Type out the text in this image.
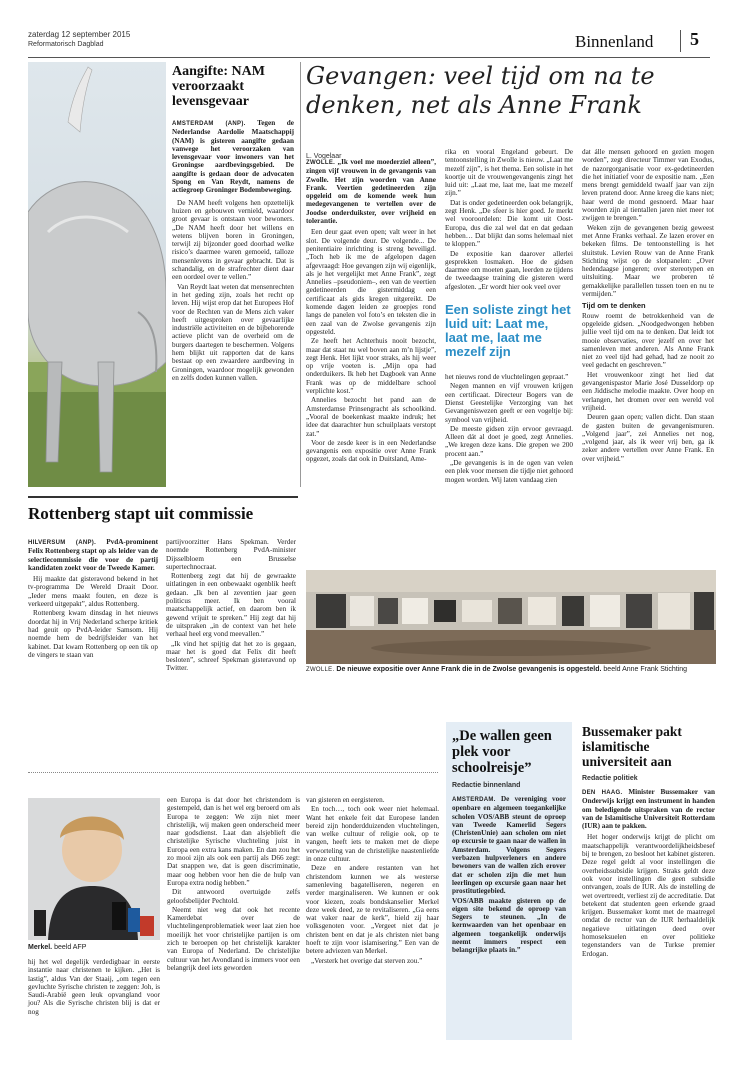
zaterdag 12 september 2015
Reformatorisch Dagblad	Binnenland 5
Aangifte: NAM veroorzaakt levensgevaar

AMSTERDAM (ANP). Tegen de Nederlandse Aardolie Maatschappij (NAM) is gisteren aangifte gedaan vanwege het veroorzaken van levensgevaar voor inwoners van het Groningse aardbevingsgebied. De aangifte is gedaan door de advocaten Spong en Van Reydt, namens de actiegroep Groninger Bodembeweging.

De NAM heeft volgens hen opzettelijk huizen en gebouwen vernield, waardoor groot gevaar is ontstaan voor bewoners. „De NAM heeft door het willens en wetens blijven boren in Groningen, terwijl zij bijzonder goed doorhad welke risico’s daarmee waren gemoeid, talloze mensenlevens in gevaar gebracht. Dat is schandalig, en de strafrechter dient daar een oordeel over te vellen.”

Van Reydt laat weten dat mensenrechten in het geding zijn, zoals het recht op leven. Hij wijst erop dat het Europees Hof voor de Rechten van de Mens zich vaker heeft uitgesproken over gevaarlijke industriële activiteiten en de bijbehorende actieve plicht van de overheid om de burgers daartegen te beschermen. Volgens hem blijkt uit rapporten dat de kans bestaat op een zwaardere aardbeving in Groningen, waardoor mogelijk gewonden en zelfs doden kunnen vallen.

Gevangen: veel tijd om na te denken, net als Anne Frank
L. Vogelaar

ZWOLLE. „Ik voel me moederziel alleen”, zingen vijf vrouwen in de gevangenis van Zwolle. Het zijn woorden van Anne Frank. Veertien gedetineerden zijn opgeleid om de komende week hun medegevangenen te vertellen over de Joodse onderduikster, over vrijheid en tolerantie.

Een deur gaat even open; valt weer in het slot. De volgende deur. De volgende... De penitentiaire inrichting is streng beveiligd. „Toch heb ik me de afgelopen dagen afgevraagd: Hoe gevangen zijn wij eigenlijk, als je het vergelijkt met Anne Frank”, zegt Annelies –pseudoniem–, een van de veertien gedetineerden die gistermiddag een certificaat als gids kregen uitgereikt. De komende dagen leiden ze groepjes rond langs de panelen vol foto’s en teksten die in een zaal van de Zwolse gevangenis zijn opgesteld.

Ze heeft het Achterhuis nooit bezocht, maar dat staat nu wel boven aan m’n lijstje”, zegt Henk. Het lijkt voor straks, als hij weer op vrije voeten is. „Mijn opa had onderduikers. Ik heb het Dagboek van Anne Frank was op de middelbare school verplichte kost.”

Annelies bezocht het pand aan de Amsterdamse Prinsengracht als schoolkind. „Vooral de boekenkast maakte indruk; het idee dat daarachter hun schuilplaats verstopt zat.”

Voor de zesde keer is in een Nederlandse gevangenis een expositie over Anne Frank opgezet, zoals dat ook in Duitsland, Ame-

rika en vooral Engeland gebeurt. De tentoonstelling in Zwolle is nieuw. „Laat me mezelf zijn”, is het thema. Een soliste in het koortje uit de vrouwengevangenis zingt het luid uit: „Laat me, laat me, laat me mezelf zijn.”

Dat is onder gedetineerden ook belangrijk, zegt Henk. „De sfeer is hier goed. Je merkt wel vooroordelen: Die komt uit Oost-Europa, dus die zal wel dat en dat gedaan hebben… Dat blijkt dan soms helemaal niet te kloppen.”

De expositie kan daarover allerlei gesprekken losmaken. Hoe de gidsen daarmee om moeten gaan, leerden ze tijdens de tweedaagse training die gisteren werd afgesloten. „Er wordt hier ook veel over

Een soliste zingt het luid uit: Laat me, laat me, laat me mezelf zijn

het nieuws rond de vluchtelingen gepraat.”

Negen mannen en vijf vrouwen krijgen een certificaat. Directeur Bogers van de Dienst Geestelijke Verzorging van het Gevangeniswezen geeft er een vogeltje bij: symbool van vrijheid.

De meeste gidsen zijn ervoor gevraagd. Alleen dát al doet je goed, zegt Annelies. „We kregen deze kans. Die grepen we 200 procent aan.”

„De gevangenis is in de ogen van velen een plek voor mensen die tijdje niet gehoord mogen worden. Wij laten vandaag zien

dat álle mensen gehoord en gezien mogen worden”, zegt directeur Timmer van Exodus, de nazorgorganisatie voor ex-gedetineerden die het initiatief voor de expositie nam. „Een mens brengt gemiddeld twaalf jaar van zijn leven pratend door. Anne kreeg die kans niet; haar werd de mond gesnoerd. Maar haar woorden zijn al tientallen jaren niet meer tot zwijgen te brengen.”

Weken zijn de gevangenen bezig geweest met Anne Franks verhaal. Ze lazen erover en bekeken films. De tentoonstelling is het sluitstuk. Levien Rouw van de Anne Frank Stichting wijst op de slotpanelen: „Over hedendaagse jongeren; over stereotypen en uitsluiting. Maar we proberen té gemakkelijke parallellen tussen toen en nu te vermijden.”

Tijd om te denken

Rouw roemt de betrokkenheid van de opgeleide gidsen. „Noodgedwongen hebben jullie veel tijd om na te denken. Dat leidt tot mooie observaties, over jezelf en over het samenleven met anderen. Als Anne Frank niet zo veel tijd had gehad, had ze nooit zo veel gedacht en geschreven.”

Het vrouwenkoor zingt het lied dat gevangenispastor Marie José Dusseldorp op een Jiddische melodie maakte. Over hoop en verlangen, het dromen over een wereld vol vrijheid.

Deuren gaan open; vallen dicht. Dan staan de gasten buiten de gevangenismuren. „Volgend jaar”, zei Annelies net nog, „volgend jaar, als ik weer vrij ben, ga ik zeker andere vertellen over Anne Frank. En over vrijheid.”

ZWOLLE. De nieuwe expositie over Anne Frank die in de Zwolse gevangenis is opgesteld. beeld Anne Frank Stichting
Rottenberg stapt uit commissie

HILVERSUM (ANP). PvdA-prominent Felix Rottenberg stapt op als leider van de selectiecommissie die voor de partij kandidaten zoekt voor de Tweede Kamer.

Hij maakte dat gisteravond bekend in het tv-programma De Wereld Draait Door. „Ieder mens maakt fouten, en deze is verkeerd uitgepakt”, aldus Rottenberg.

Rottenberg kwam dinsdag in het nieuws doordat hij in Vrij Nederland scherpe kritiek had geuit op PvdA-leider Samsom. Hij noemde hem de bedrijfsleider van het kabinet. Dat kwam Rottenberg op een tik op de vingers te staan van

partijvoorzitter Hans Spekman. Verder noemde Rottenberg PvdA-minister Dijsselbloem een Brusselse supertechnocraat.

Rottenberg zegt dat hij de gewraakte uitlatingen in een onbewaakt ogenblik heeft gedaan. „Ik ben al zeventien jaar geen politicus meer. Ik ben vooral maatschappelijk actief, en daarom ben ik gewend vrijuit te spreken.” Hij zegt dat hij de uitspraken „in de context van het hele verhaal heel erg vond meevallen.”

„Ik vind het spijtig dat het zo is gegaan, maar het is goed dat Felix dit heeft besloten”, schreef Spekman gisteravond op Twitter.

Merkel. beeld AFP

hij het wel degelijk verdedigbaar in eerste instantie naar christenen te kijken. „Het is lastig”, aldus Van der Staaij, „om tegen een gevluchte Syrische christen te zeggen: Joh, is Saudi-Arabië geen leuk opvangland voor jou? Als die Syrische christen blij is dat er nog

een Europa is dat door het christendom is gestempeld, dan is het wel erg beroerd om als Europa te zeggen: We zijn niet meer christelijk, wij maken geen onderscheid meer naar godsdienst. Laat dan alsjeblieft die christelijke Syrische vluchteling juist in Europa een extra kans maken. En dan zou het zo mooi zijn als ook een partij als D66 zegt: Dat snappen we, dat is geen discriminatie, maar oog hebben voor hen die de hulp van Europa extra nodig hebben.”

Dit antwoord overtuigde zelfs geloofsbelijder Pechtold.

Neemt niet weg dat ook het recente Kamerdebat over de vluchtelingenproblematiek weer laat zien hoe moeilijk het voor christelijke partijen is om zich te beroepen op het christelijk karakter van Europa of Nederland. De christelijke cultuur van het Avondland is immers voor een belangrijk deel iets geworden

van gisteren en eergisteren.

En toch…, toch ook weer niet helemaal. Want het enkele feit dat Europese landen bereid zijn honderdduizenden vluchtelingen, van welke cultuur of religie ook, op te vangen, heeft iets te maken met de diepe verworteling van de christelijke naastenliefde in onze cultuur.

Deze en andere restanten van het christendom kunnen we als westerse samenleving bagatelliseren, negeren en verder marginaliseren. We kunnen er ook voor kiezen, zoals bondskanselier Merkel deze week deed, ze te revitaliseren. „Ga eens wat vaker naar de kerk”, hield zij haar volksgenoten voor. „Vergeet niet dat je christen bent en dat je als christen niet bang hoeft te zijn voor islamisering.” Een van de betere adviezen van Merkel.

„Versterk het overige dat sterven zou.”

„De wallen geen plek voor schoolreisje”
Redactie binnenland

AMSTERDAM. De vereniging voor openbare en algemeen toegankelijke scholen VOS/ABB steunt de oproep van Tweede Kamerlid Segers (ChristenUnie) aan scholen om niet op excursie te gaan naar de wallen in Amsterdam. Volgens Segers verbazen hulpverleners en andere bewoners van de wallen zich erover dat er scholen zijn die met hun leerlingen op excursie gaan naar het prostitutiegebied.

VOS/ABB maakte gisteren op de eigen site bekend de oproep van Segers te steunen. „In de kernwaarden van het openbaar en algemeen toegankelijk onderwijs neemt immers respect een belangrijke plaats in.”

Bussemaker pakt islamitische universiteit aan
Redactie politiek

DEN HAAG. Minister Bussemaker van Onderwijs krijgt een instrument in handen om beledigende uitspraken van de rector van de Islamitische Universiteit Rotterdam (IUR) aan te pakken.

Het hoger onderwijs krijgt de plicht om maatschappelijk verantwoordelijkheidsbesef bij te brengen, zo besloot het kabinet gisteren. Deze regel geldt al voor instellingen die overheidssubsidie krijgen. Straks geldt deze ook voor instellingen die geen subsidie ontvangen, zoals de IUR. Als de instelling de wet overtreedt, verliest zij de accreditatie. Dat betekent dat studenten geen erkende graad krijgen. Bussemaker komt met de maatregel omdat de rector van de IUR herhaaldelijk negatieve uitlatingen deed over homoseksuelen en over politieke tegenstanders van de Turkse premier Erdogan.
